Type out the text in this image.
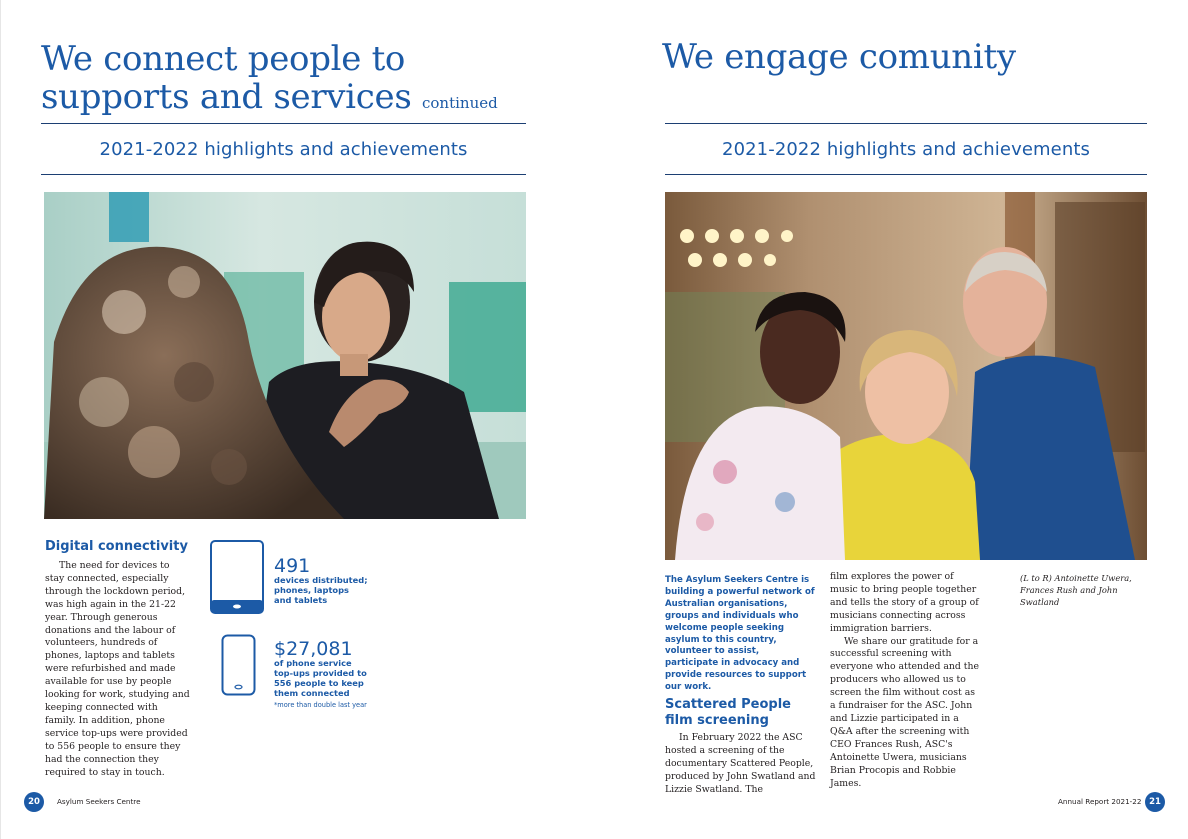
We connect people to
supports and services continued
2021-2022 highlights and achievements
Digital connectivity

The need for devices to stay connected, especially through the lockdown period, was high again in the 21-22 year. Through generous donations and the labour of volunteers, hundreds of phones, laptops and tablets were refurbished and made available for use by people looking for work, studying and keeping connected with family. In addition, phone service top-ups were provided to 556 people to ensure they had the connection they required to stay in touch.

491
devices distributed;
phones, laptops
and tablets
$27,081
of phone service
top-ups provided to
556 people to keep
them connected
*more than double last year
20	Asylum Seekers Centre
We engage comunity
2021-2022 highlights and achievements
The Asylum Seekers Centre is building a powerful network of Australian organisations, groups and individuals who welcome people seeking asylum to this country, volunteer to assist, participate in advocacy and provide resources to support our work.
Scattered People
film screening

In February 2022 the ASC hosted a screening of the documentary Scattered People, produced by John Swatland and Lizzie Swatland. The

film explores the power of music to bring people together and tells the story of a group of musicians connecting across immigration barriers.

We share our gratitude for a successful screening with everyone who attended and the producers who allowed us to screen the film without cost as a fundraiser for the ASC. John and Lizzie participated in a Q&A after the screening with CEO Frances Rush, ASC's Antoinette Uwera, musicians Brian Procopis and Robbie James.

(L to R) Antoinette Uwera, Frances Rush and John Swatland
Annual Report 2021-22 21
